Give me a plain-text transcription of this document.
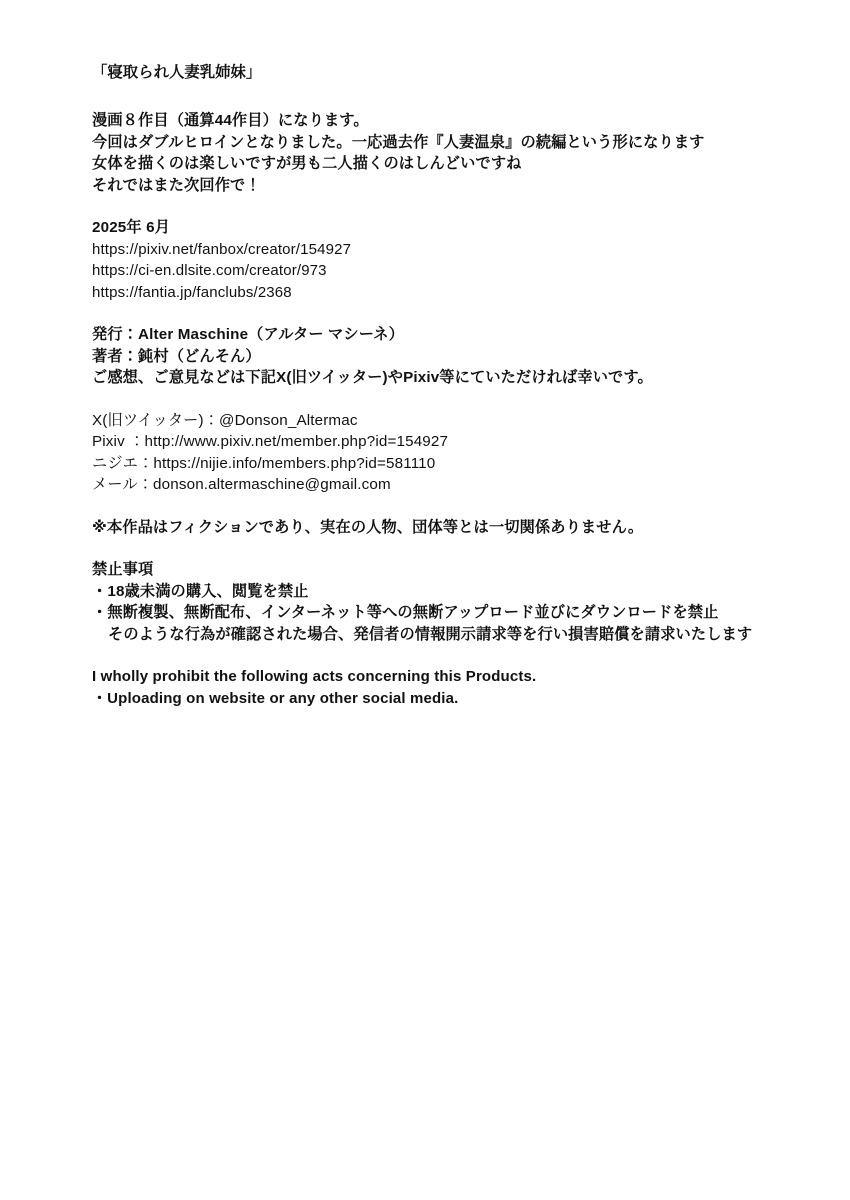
「寝取られ人妻乳姉妹」
漫画８作目（通算44作目）になります。
今回はダブルヒロインとなりました。一応過去作『人妻温泉』の続編という形になります
女体を描くのは楽しいですが男も二人描くのはしんどいですね
それではまた次回作で！
2025年 6月
https://pixiv.net/fanbox/creator/154927
https://ci-en.dlsite.com/creator/973
https://fantia.jp/fanclubs/2368
発行：Alter Maschine（アルター マシーネ）
著者：鈍村（どんそん）
ご感想、ご意見などは下記X(旧ツイッター)やPixiv等にていただければ幸いです。
X(旧ツイッター)：@Donson_Altermac
Pixiv ：http://www.pixiv.net/member.php?id=154927
ニジエ：https://nijie.info/members.php?id=581110
メール：donson.altermaschine@gmail.com
※本作品はフィクションであり、実在の人物、団体等とは一切関係ありません。
禁止事項
・18歳未満の購入、閲覧を禁止
・無断複製、無断配布、インターネット等への無断アップロード並びにダウンロードを禁止
そのような行為が確認された場合、発信者の情報開示請求等を行い損害賠償を請求いたします
I wholly prohibit the following acts concerning this Products.
・Uploading on website or any other social media.
